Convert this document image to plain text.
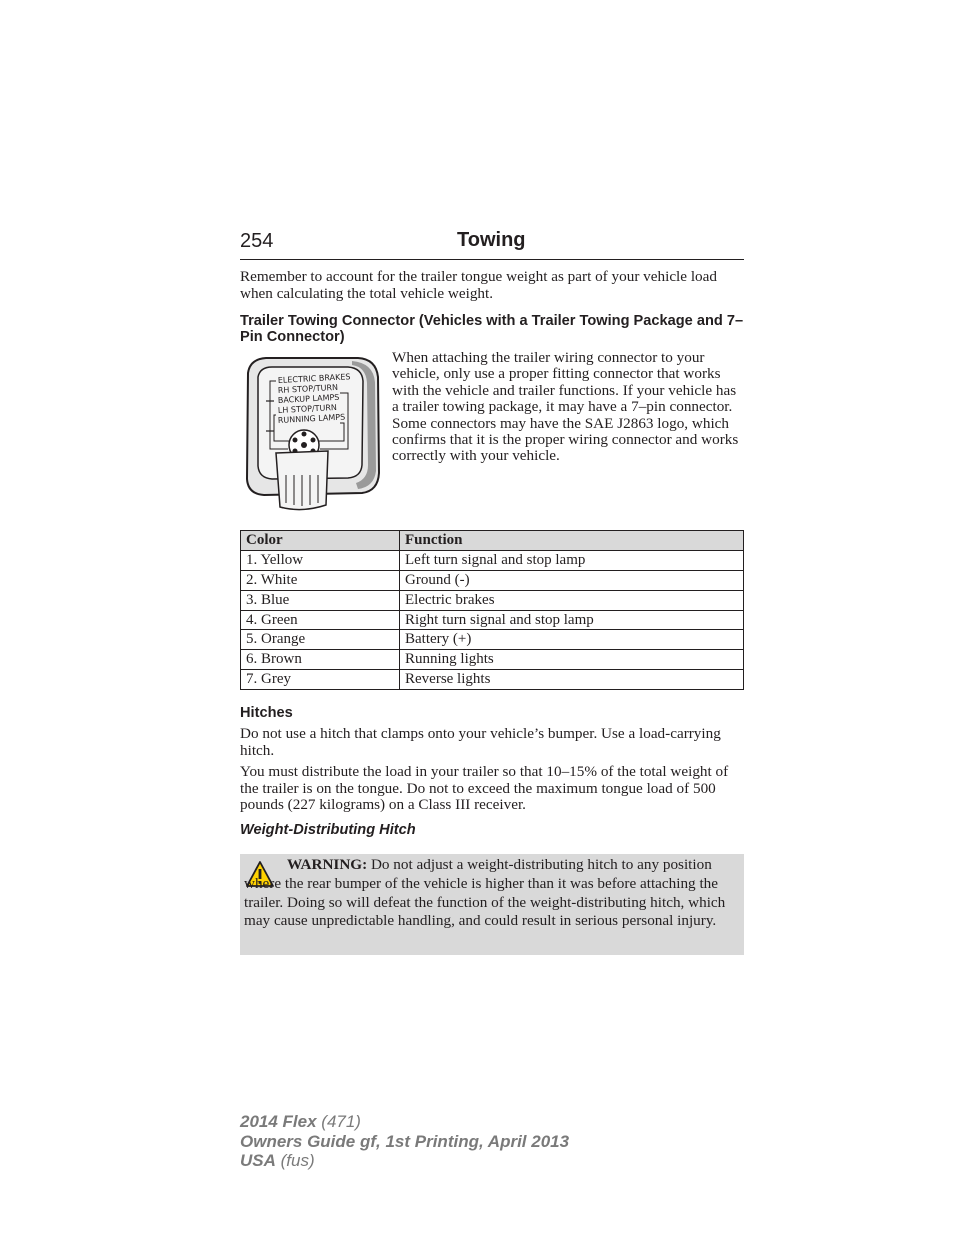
254	Towing

Remember to account for the trailer tongue weight as part of your vehicle load when calculating the total vehicle weight.

Trailer Towing Connector (Vehicles with a Trailer Towing Package and 7–Pin Connector)
ELECTRIC BRAKES
RH STOP/TURN
BACKUP LAMPS
LH STOP/TURN
RUNNING LAMPS

When attaching the trailer wiring connector to your vehicle, only use a proper fitting connector that works with the vehicle and trailer functions. If your vehicle has a trailer towing package, it may have a 7–pin connector. Some connectors may have the SAE J2863 logo, which confirms that it is the proper wiring connector and works correctly with your vehicle.

Color	Function
1. Yellow	Left turn signal and stop lamp
2. White	Ground (-)
3. Blue	Electric brakes
4. Green	Right turn signal and stop lamp
5. Orange	Battery (+)
6. Brown	Running lights
7. Grey	Reverse lights
Hitches

Do not use a hitch that clamps onto your vehicle’s bumper. Use a load-carrying hitch.

You must distribute the load in your trailer so that 10–15% of the total weight of the trailer is on the tongue. Do not to exceed the maximum tongue load of 500 pounds (227 kilograms) on a Class III receiver.

Weight-Distributing Hitch

WARNING: Do not adjust a weight-distributing hitch to any position where the rear bumper of the vehicle is higher than it was before attaching the trailer. Doing so will defeat the function of the weight-distributing hitch, which may cause unpredictable handling, and could result in serious personal injury.

2014 Flex (471)
Owners Guide gf, 1st Printing, April 2013
USA (fus)
